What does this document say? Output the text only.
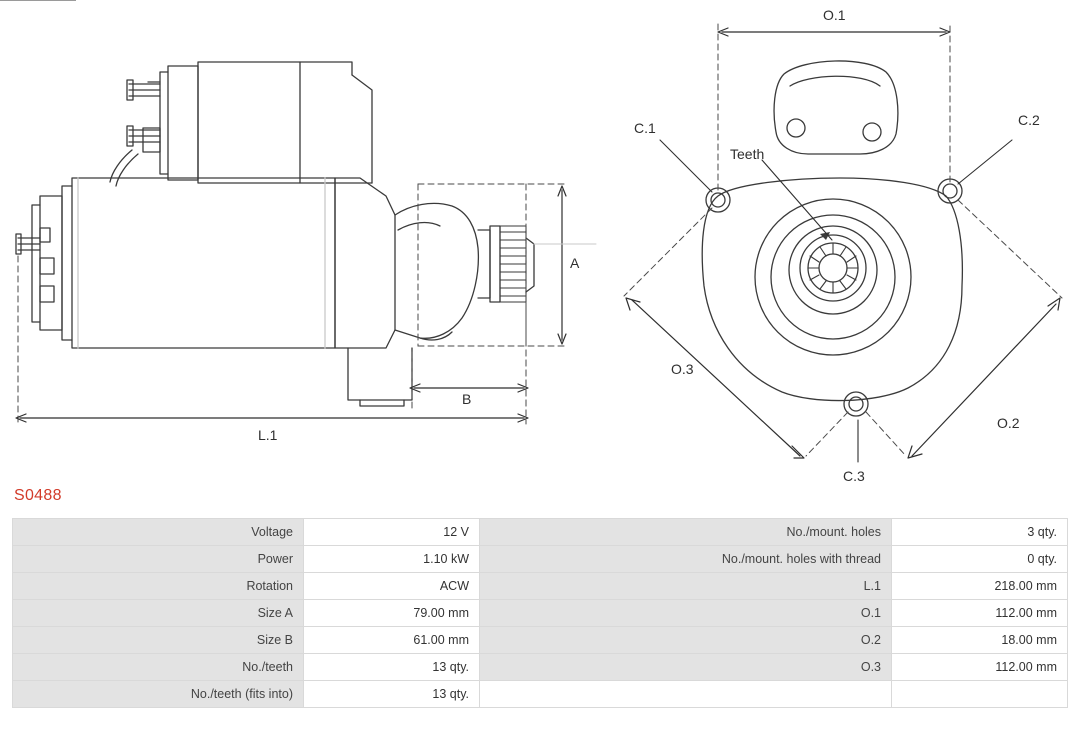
A
B
L.1
O.1
O.2
O.3
C.1	C.2
C.3
Teeth
S0488
Voltage	12 V	No./mount. holes	3 qty.
Power	1.10 kW	No./mount. holes with thread	0 qty.
Rotation	ACW	L.1	218.00 mm
Size A	79.00 mm	O.1	112.00 mm
Size B	61.00 mm	O.2	18.00 mm
No./teeth	13 qty.	O.3	112.00 mm
No./teeth (fits into)	13 qty.		
